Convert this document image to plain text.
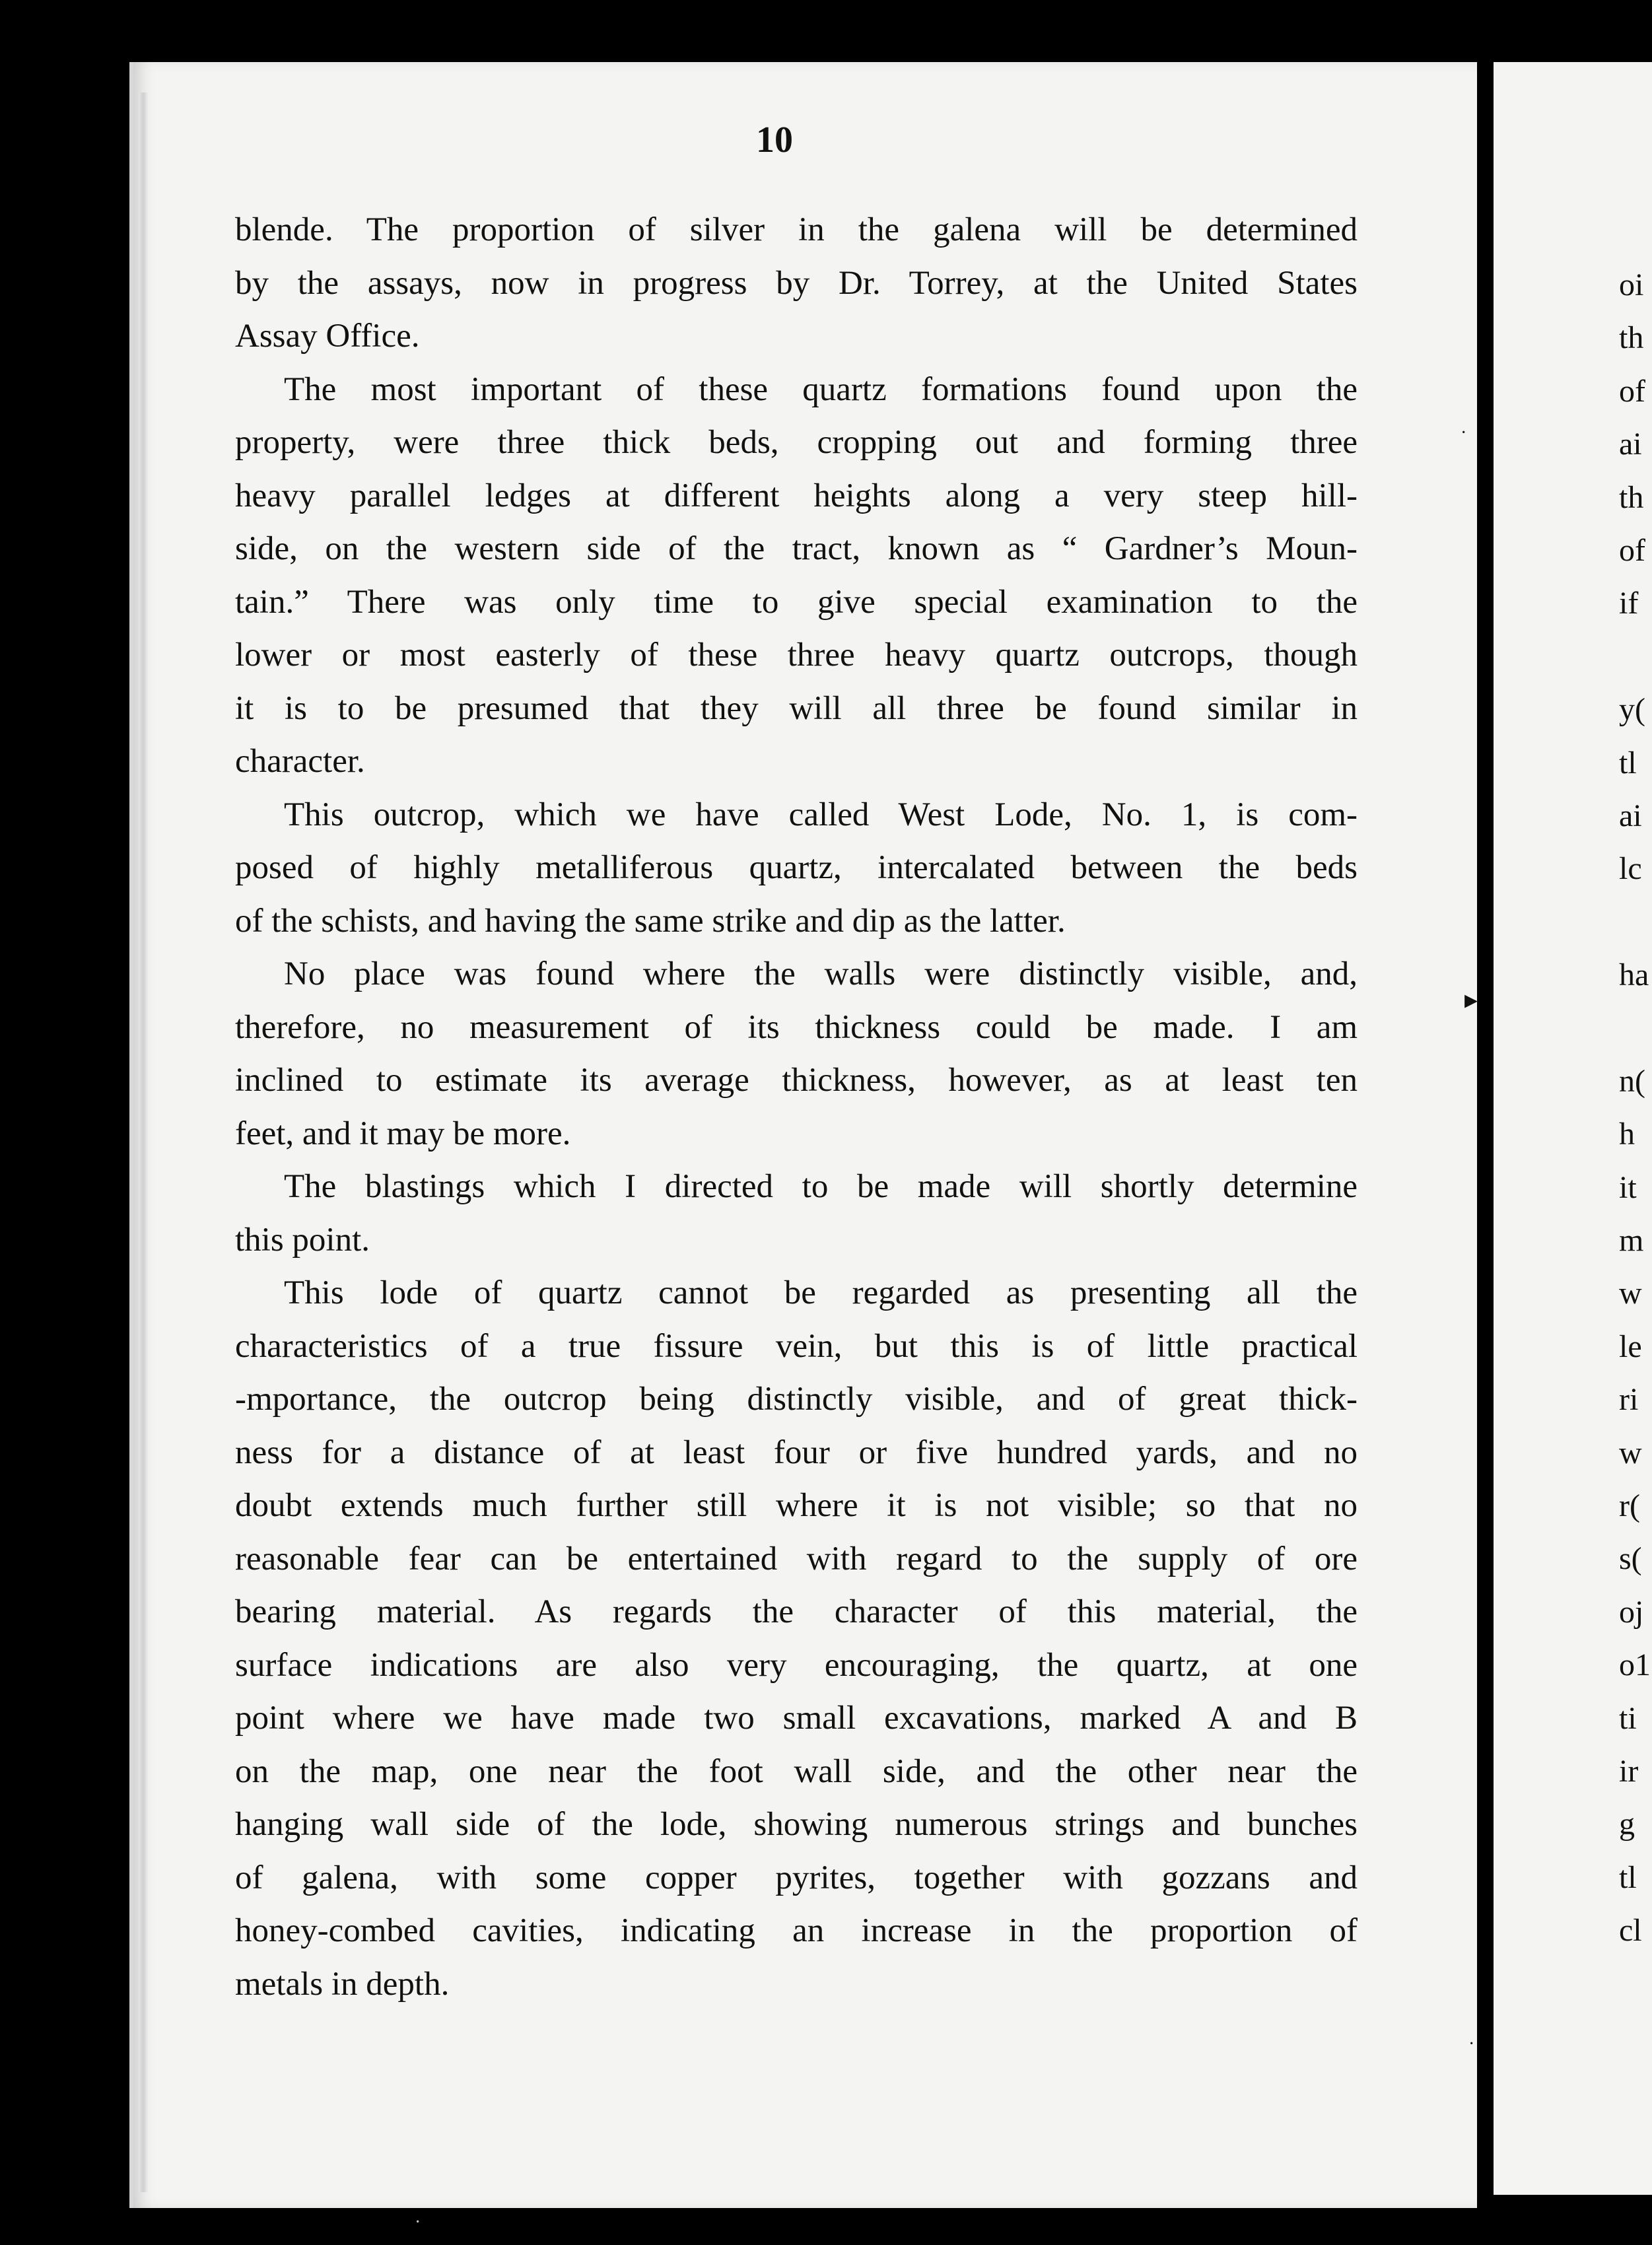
10
blende. The proportion of silver in the galena will be determined
by the assays, now in progress by Dr. Torrey, at the United States
Assay Office.
The most important of these quartz formations found upon the
property, were three thick beds, cropping out and forming three
heavy parallel ledges at different heights along a very steep hill-
side, on the western side of the tract, known as “ Gardner’s Moun-
tain.” There was only time to give special examination to the
lower or most easterly of these three heavy quartz outcrops, though
it is to be presumed that they will all three be found similar in
character.
This outcrop, which we have called West Lode, No. 1, is com-
posed of highly metalliferous quartz, intercalated between the beds
of the schists, and having the same strike and dip as the latter.
No place was found where the walls were distinctly visible, and,
therefore, no measurement of its thickness could be made. I am
inclined to estimate its average thickness, however, as at least ten
feet, and it may be more.
The blastings which I directed to be made will shortly determine
this point.
This lode of quartz cannot be regarded as presenting all the
characteristics of a true fissure vein, but this is of little practical
-mportance, the outcrop being distinctly visible, and of great thick-
ness for a distance of at least four or five hundred yards, and no
doubt extends much further still where it is not visible; so that no
reasonable fear can be entertained with regard to the supply of ore
bearing material. As regards the character of this material, the
surface indications are also very encouraging, the quartz, at one
point where we have made two small excavations, marked A and B
on the map, one near the foot wall side, and the other near the
hanging wall side of the lode, showing numerous strings and bunches
of galena, with some copper pyrites, together with gozzans and
honey-combed cavities, indicating an increase in the proportion of
metals in depth.
oi
th
of
ai
th
of
if
y(
tl
ai
lc
ha
n(
h
it
m
w
le
ri
w
r(
s(
oj
o1
ti
ir
g
tl
cl
·
▸
·
·
